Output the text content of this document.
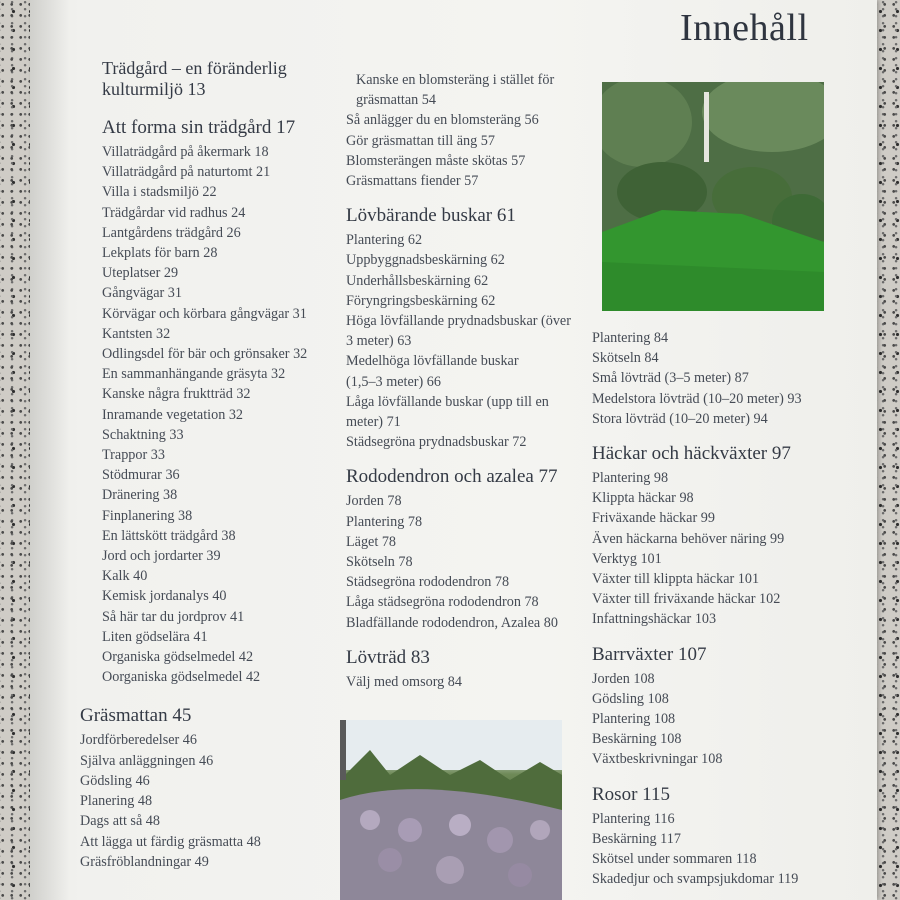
Innehåll
Trädgård – en föränderlig kulturmiljö 13
Att forma sin trädgård 17
Villaträdgård på åkermark 18
Villaträdgård på naturtomt 21
Villa i stadsmiljö 22
Trädgårdar vid radhus 24
Lantgårdens trädgård 26
Lekplats för barn 28
Uteplatser 29
Gångvägar 31
Körvägar och körbara gångvägar 31
Kantsten 32
Odlingsdel för bär och grönsaker 32
En sammanhängande gräsyta 32
Kanske några fruktträd 32
Inramande vegetation 32
Schaktning 33
Trappor 33
Stödmurar 36
Dränering 38
Finplanering 38
En lättskött trädgård 38
Jord och jordarter 39
Kalk 40
Kemisk jordanalys 40
Så här tar du jordprov 41
Liten gödselära 41
Organiska gödselmedel 42
Oorganiska gödselmedel 42
Gräsmattan 45
Jordförberedelser 46
Själva anläggningen 46
Gödsling 46
Planering 48
Dags att så 48
Att lägga ut färdig gräsmatta 48
Gräsfröblandningar 49
Kanske en blomsteräng i stället för gräsmattan 54
Så anlägger du en blomsteräng 56
Gör gräsmattan till äng 57
Blomsterängen måste skötas 57
Gräsmattans fiender 57
Lövbärande buskar 61
Plantering 62
Uppbyggnadsbeskärning 62
Underhållsbeskärning 62
Föryngringsbeskärning 62
Höga lövfällande prydnadsbuskar (över 3 meter) 63
Medelhöga lövfällande buskar (1,5–3 meter) 66
Låga lövfällande buskar (upp till en meter) 71
Städsegröna prydnadsbuskar 72
Rododendron och azalea 77
Jorden 78
Plantering 78
Läget 78
Skötseln 78
Städsegröna rododendron 78
Låga städsegröna rododendron 78
Bladfällande rododendron, Azalea 80
Lövträd 83
Välj med omsorg 84
Plantering 84
Skötseln 84
Små lövträd (3–5 meter) 87
Medelstora lövträd (10–20 meter) 93
Stora lövträd (10–20 meter) 94
Häckar och häckväxter 97
Plantering 98
Klippta häckar 98
Friväxande häckar 99
Även häckarna behöver näring 99
Verktyg 101
Växter till klippta häckar 101
Växter till friväxande häckar 102
Infattningshäckar 103
Barrväxter 107
Jorden 108
Gödsling 108
Plantering 108
Beskärning 108
Växtbeskrivningar 108
Rosor 115
Plantering 116
Beskärning 117
Skötsel under sommaren 118
Skadedjur och svampsjukdomar 119
